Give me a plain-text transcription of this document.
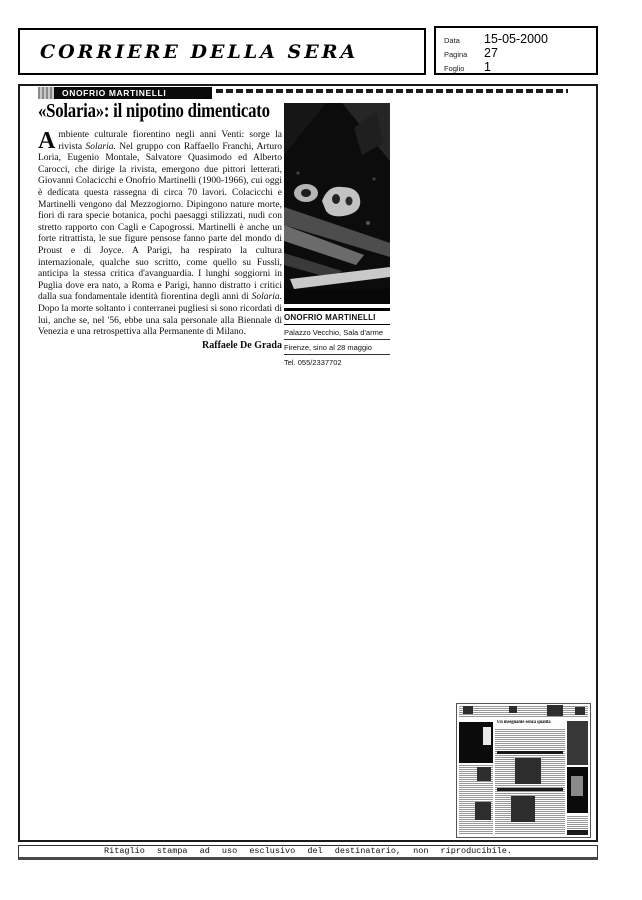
CORRIERE DELLA SERA
Data	15-05-2000
Pagina	27
Foglio	1
ONOFRIO MARTINELLI
«Solaria»: il nipotino dimenticato
Ambiente culturale fiorentino negli anni Venti: sorge la rivista Solaria. Nel gruppo con Raffaello Franchi, Arturo Loria, Eugenio Montale, Salvatore Quasimodo ed Alberto Carocci, che dirige la rivista, emergono due pittori letterati, Giovanni Colacicchi e Onofrio Martinelli (1900-1966), cui oggi è dedicata questa rassegna di circa 70 lavori. Colacicchi e Martinelli vengono dal Mezzogiorno. Dipingono nature morte, fiori di rara specie botanica, pochi paesaggi stilizzati, nudi con stretto rapporto con Cagli e Capogrossi. Martinelli è anche un forte ritrattista, le sue figure pensose fanno parte del mondo di Proust e di Joyce. A Parigi, ha respirato la cultura internazionale, qualche suo scritto, come quello su Fussli, anticipa la stessa critica d'avanguardia. I lunghi soggiorni in Puglia dove era nato, a Roma e Parigi, hanno distratto i critici dalla sua fondamentale identità fiorentina degli anni di Solaria. Dopo la morte soltanto i conterranei pugliesi si sono ricordati di lui, anche se, nel '56, ebbe una sala personale alla Biennale di Venezia e una retrospettiva alla Permanente di Milano.
Raffaele De Grada
ONOFRIO MARTINELLI
Palazzo Vecchio, Sala d'arme
Firenze, sino al 28 maggio
Tel. 055/2337702
Un insegnante senza qualità
Ritaglio stampa ad uso esclusivo del destinatario, non riproducibile.
